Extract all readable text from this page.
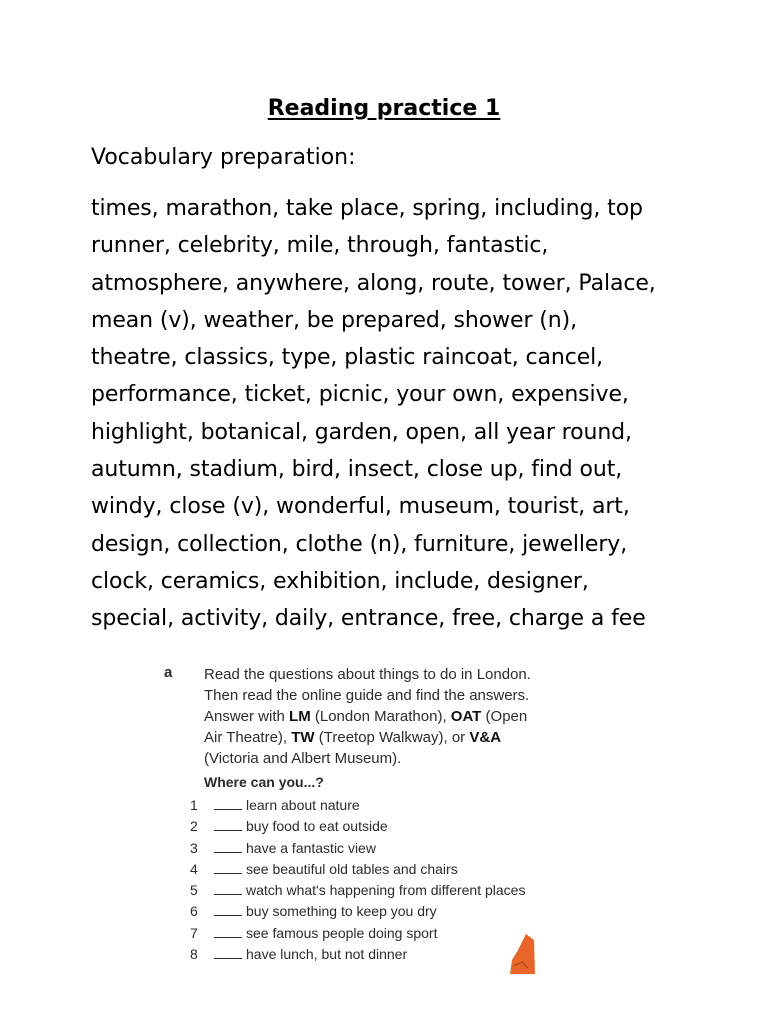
Reading practice 1
Vocabulary preparation:
times, marathon, take place, spring, including, top
runner, celebrity, mile, through, fantastic,
atmosphere, anywhere, along, route, tower, Palace,
mean (v), weather, be prepared, shower (n),
theatre, classics, type, plastic raincoat, cancel,
performance, ticket, picnic, your own, expensive,
highlight, botanical, garden, open, all year round,
autumn, stadium, bird, insect, close up, find out,
windy, close (v), wonderful, museum, tourist, art,
design, collection, clothe (n), furniture, jewellery,
clock, ceramics, exhibition, include, designer,
special, activity, daily, entrance, free, charge a fee
a Read the questions about things to do in London.
Then read the online guide and find the answers.
Answer with LM (London Marathon), OAT (Open
Air Theatre), TW (Treetop Walkway), or V&A
(Victoria and Albert Museum).
Where can you...?
1	learn about nature
2	buy food to eat outside
3	have a fantastic view
4	see beautiful old tables and chairs
5	watch what's happening from different places
6	buy something to keep you dry
7	see famous people doing sport
8	have lunch, but not dinner
